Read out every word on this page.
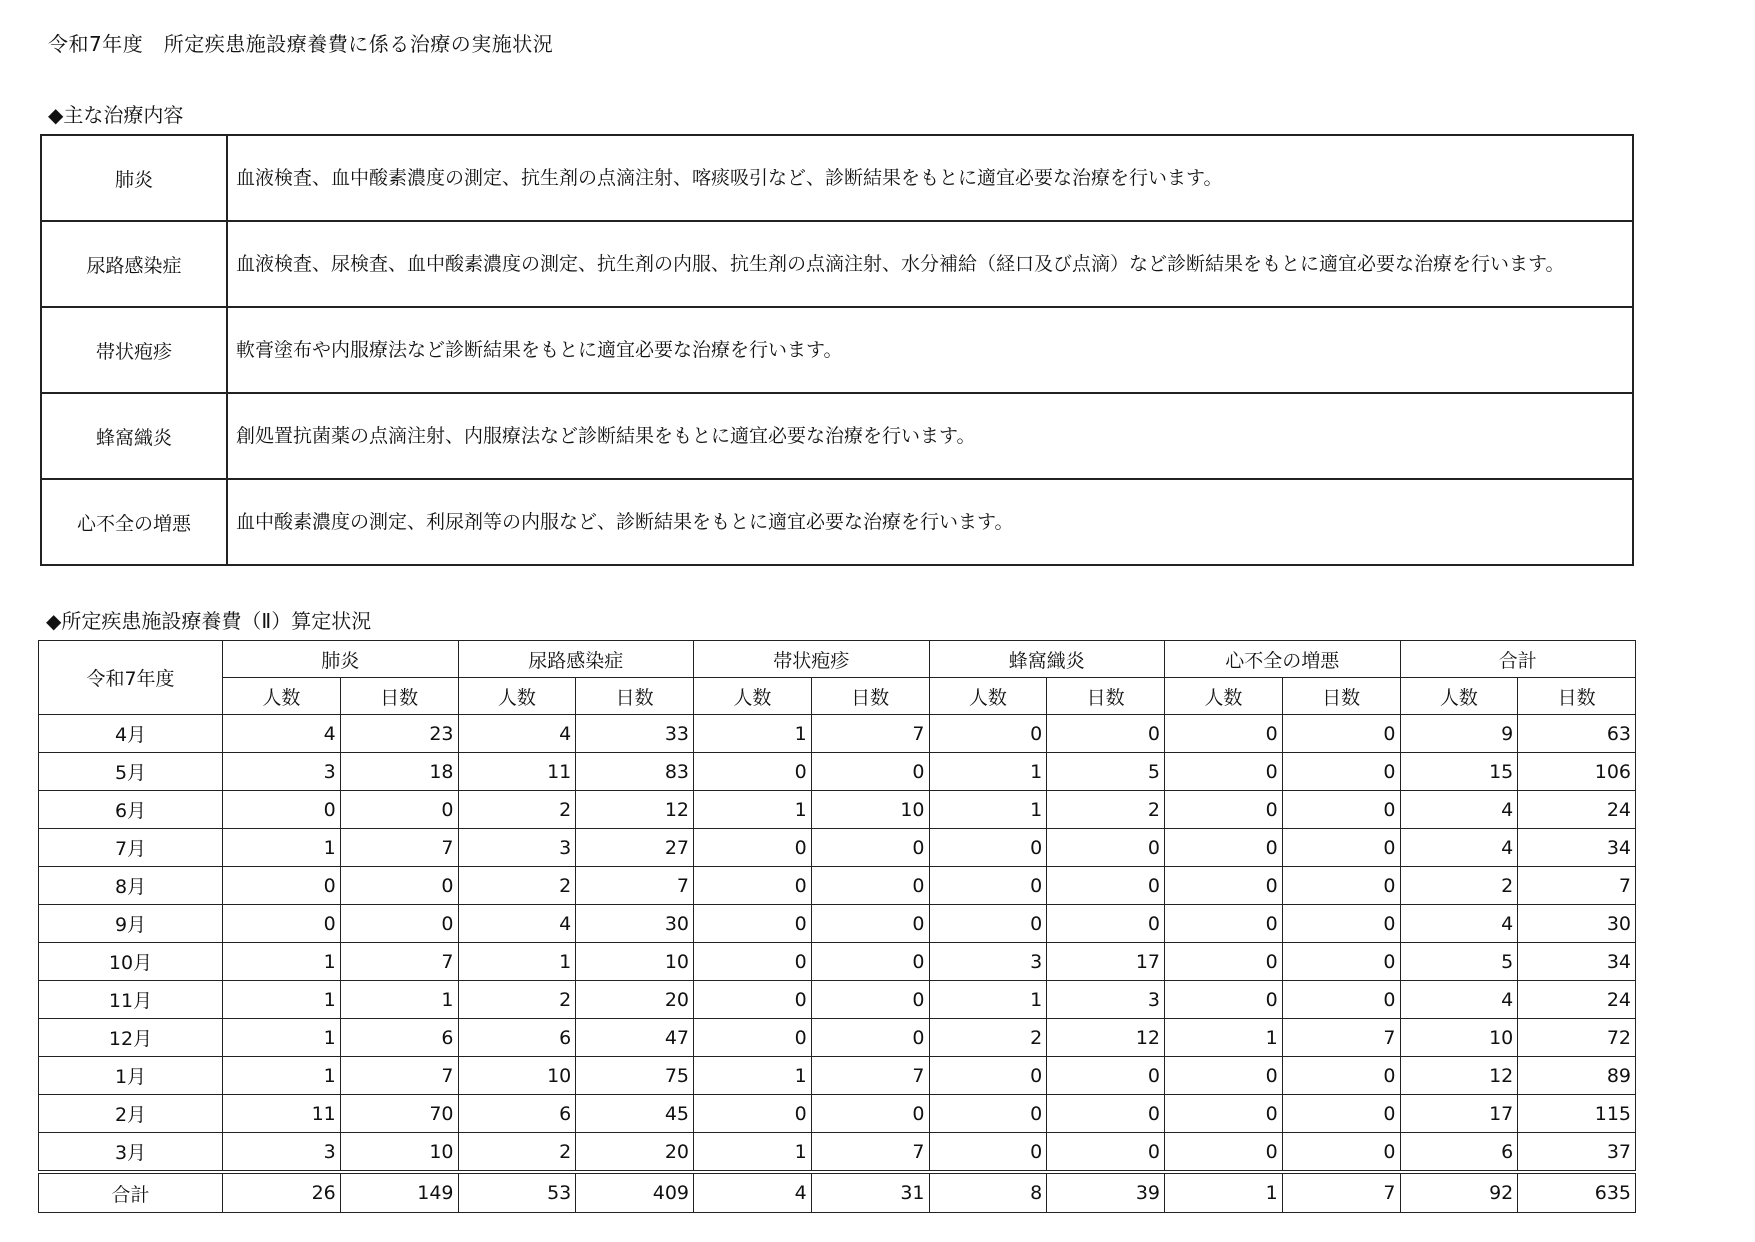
令和7年度　所定疾患施設療養費に係る治療の実施状況
◆主な治療内容
肺炎	血液検査、血中酸素濃度の測定、抗生剤の点滴注射、喀痰吸引など、診断結果をもとに適宜必要な治療を行います。
尿路感染症	血液検査、尿検査、血中酸素濃度の測定、抗生剤の内服、抗生剤の点滴注射、水分補給（経口及び点滴）など診断結果をもとに適宜必要な治療を行います。
帯状疱疹	軟膏塗布や内服療法など診断結果をもとに適宜必要な治療を行います。
蜂窩織炎	創処置抗菌薬の点滴注射、内服療法など診断結果をもとに適宜必要な治療を行います。
心不全の増悪	血中酸素濃度の測定、利尿剤等の内服など、診断結果をもとに適宜必要な治療を行います。
◆所定疾患施設療養費（Ⅱ）算定状況
令和7年度	肺炎		尿路感染症		帯状疱疹		蜂窩織炎		心不全の増悪		合計	
	人数	日数	人数	日数	人数	日数	人数	日数	人数	日数	人数	日数
4月	4	23	4	33	1	7	0	0	0	0	9	63
5月	3	18	11	83	0	0	1	5	0	0	15	106
6月	0	0	2	12	1	10	1	2	0	0	4	24
7月	1	7	3	27	0	0	0	0	0	0	4	34
8月	0	0	2	7	0	0	0	0	0	0	2	7
9月	0	0	4	30	0	0	0	0	0	0	4	30
10月	1	7	1	10	0	0	3	17	0	0	5	34
11月	1	1	2	20	0	0	1	3	0	0	4	24
12月	1	6	6	47	0	0	2	12	1	7	10	72
1月	1	7	10	75	1	7	0	0	0	0	12	89
2月	11	70	6	45	0	0	0	0	0	0	17	115
3月	3	10	2	20	1	7	0	0	0	0	6	37
合計	26	149	53	409	4	31	8	39	1	7	92	635
